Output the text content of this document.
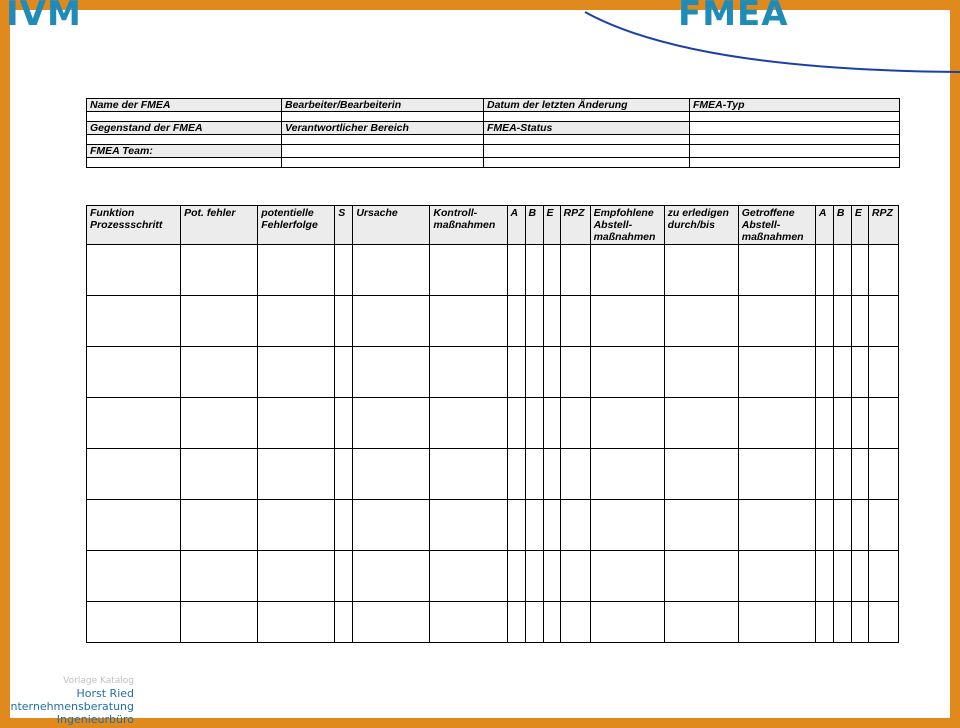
IVM	FMEA
Name der FMEA	Bearbeiter/Bearbeiterin	Datum der letzten Änderung	FMEA-Typ

Gegenstand der FMEA	Verantwortlicher Bereich	FMEA-Status	

FMEA Team:			

Funktion Prozessschritt	Pot. fehler	potentielle Fehlerfolge	S	Ursache	Kontroll-maßnahmen	A	B	E	RPZ	Empfohlene Abstell-maßnahmen	zu erledigen durch/bis	Getroffene Abstell-maßnahmen	A	B	E	RPZ

Vorlage Katalog
Horst Ried
nternehmensberatung
Ingenieurbüro
